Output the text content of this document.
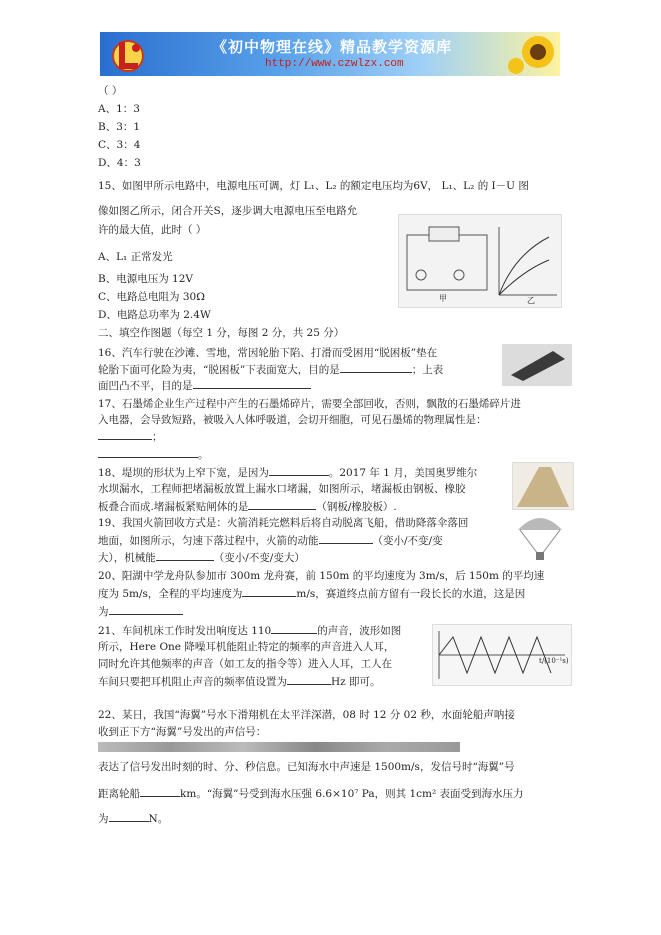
《初中物理在线》精品教学资源库
http://www.czwlzx.com
（ ）
A、1：3
B、3：1
C、3：4
D、4：3
15、如图甲所示电路中，电源电压可调，灯 L₁、L₂ 的额定电压均为6V， L₁、L₂ 的 I－U 图
像如图乙所示，闭合开关S，逐步调大电源电压至电路允
许的最大值，此时（ ）
A、L₁ 正常发光
B、电源电压为 12V
C、电路总电阻为 30Ω
D、电路总功率为 2.4W
甲	乙
二、填空作图题（每空 1 分，每图 2 分，共 25 分）
16、汽车行驶在沙滩、雪地，常因轮胎下陷、打滑而受困用“脱困板”垫在
轮胎下面可化险为夷，“脱困板”下表面宽大，目的是	；上表
面凹凸不平，目的是
17、石墨烯企业生产过程中产生的石墨烯碎片，需要全部回收，否则，飘散的石墨烯碎片进
入电器，会导致短路，被吸入人体呼吸道，会切开细胞，可见石墨烯的物理属性是：
；
。
18、堤坝的形状为上窄下宽，是因为	。2017 年 1 月，美国奥罗维尔
水坝漏水，工程师把堵漏板放置上漏水口堵漏，如图所示，堵漏板由钢板、橡胶
板叠合而成.堵漏板紧贴闸体的是	（钢板/橡胶板）.
19、我国火箭回收方式是：火箭消耗完燃料后将自动脱离飞船，借助降落伞落回
地面，如图所示，匀速下落过程中，火箭的动能	（变小/不变/变
大），机械能	（变小/不变/变大）
20、阳湖中学龙舟队参加市 300m 龙舟赛，前 150m 的平均速度为 3m/s，后 150m 的平均速
度为 5m/s，全程的平均速度为	m/s，赛道终点前方留有一段长长的水道，这是因
为
21、车间机床工作时发出响度达 110	的声音，波形如图
所示，Here One 降噪耳机能阻止特定的频率的声音进入人耳，
同时允许其他频率的声音（如工友的指令等）进入人耳，工人在
车间只要把耳机阻止声音的频率值设置为	Hz 即可。
t/(10⁻¹s)
22、某日，我国“海翼”号水下滑翔机在太平洋深潜，08 时 12 分 02 秒，水面轮船声呐接
收到正下方“海翼”号发出的声信号：
表达了信号发出时刻的时、分、秒信息。已知海水中声速是 1500m/s，发信号时“海翼”号
距离轮船	km。“海翼”号受到海水压强 6.6×10⁷ Pa，则其 1cm² 表面受到海水压力
为	N。
